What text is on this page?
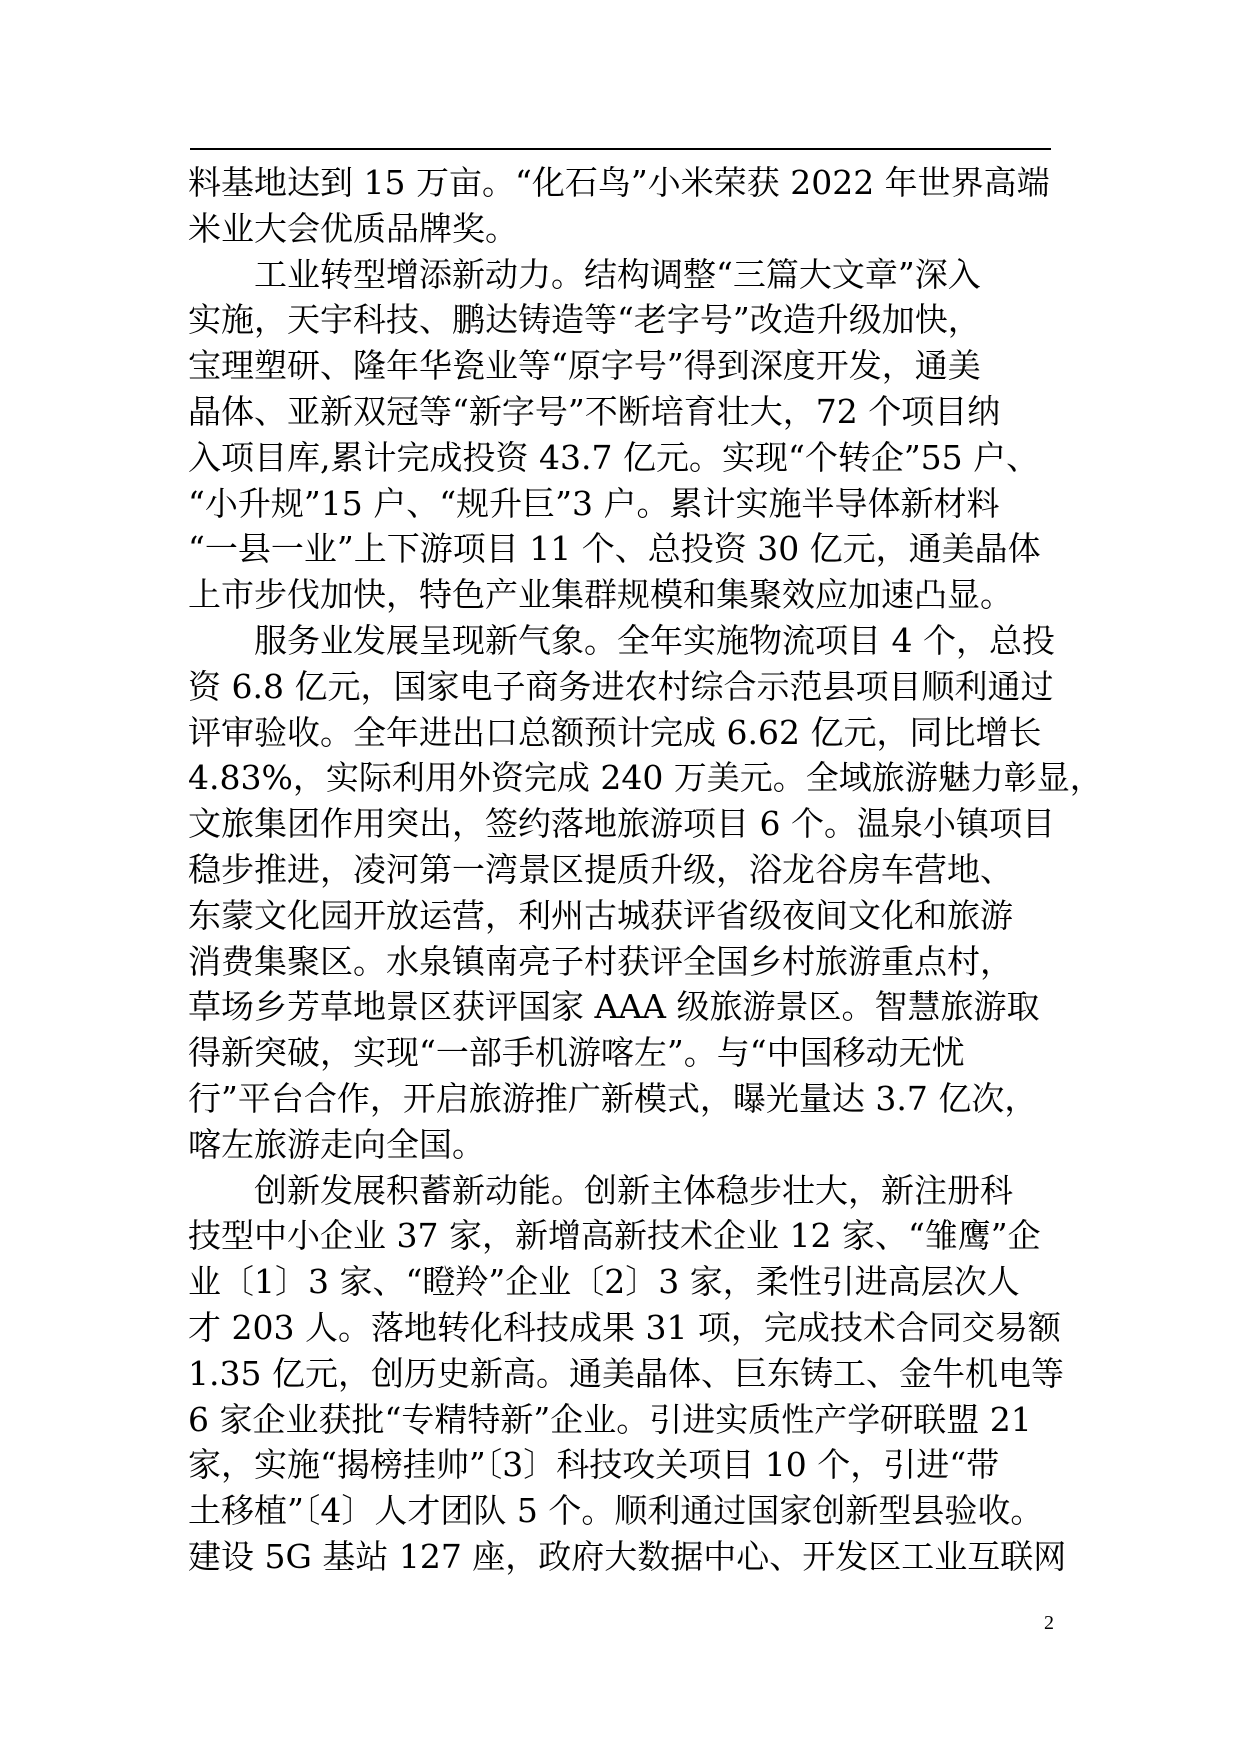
料基地达到 15 万亩。“化石鸟”小米荣获 2022 年世界高端
米业大会优质品牌奖。
　　工业转型增添新动力。结构调整“三篇大文章”深入
实施，天宇科技、鹏达铸造等“老字号”改造升级加快，
宝理塑研、隆年华瓷业等“原字号”得到深度开发，通美
晶体、亚新双冠等“新字号”不断培育壮大，72 个项目纳
入项目库,累计完成投资 43.7 亿元。实现“个转企”55 户、
“小升规”15 户、“规升巨”3 户。累计实施半导体新材料
“一县一业”上下游项目 11 个、总投资 30 亿元，通美晶体
上市步伐加快，特色产业集群规模和集聚效应加速凸显。
　　服务业发展呈现新气象。全年实施物流项目 4 个，总投
资 6.8 亿元，国家电子商务进农村综合示范县项目顺利通过
评审验收。全年进出口总额预计完成 6.62 亿元，同比增长
4.83%，实际利用外资完成 240 万美元。全域旅游魅力彰显，
文旅集团作用突出，签约落地旅游项目 6 个。温泉小镇项目
稳步推进，凌河第一湾景区提质升级，浴龙谷房车营地、
东蒙文化园开放运营，利州古城获评省级夜间文化和旅游
消费集聚区。水泉镇南亮子村获评全国乡村旅游重点村，
草场乡芳草地景区获评国家 AAA 级旅游景区。智慧旅游取
得新突破，实现“一部手机游喀左”。与“中国移动无忧
行”平台合作，开启旅游推广新模式，曝光量达 3.7 亿次，
喀左旅游走向全国。
　　创新发展积蓄新动能。创新主体稳步壮大，新注册科
技型中小企业 37 家，新增高新技术企业 12 家、“雏鹰”企
业〔1〕3 家、“瞪羚”企业〔2〕3 家，柔性引进高层次人
才 203 人。落地转化科技成果 31 项，完成技术合同交易额
1.35 亿元，创历史新高。通美晶体、巨东铸工、金牛机电等
6 家企业获批“专精特新”企业。引进实质性产学研联盟 21
家，实施“揭榜挂帅”〔3〕科技攻关项目 10 个，引进“带
土移植”〔4〕人才团队 5 个。顺利通过国家创新型县验收。
建设 5G 基站 127 座，政府大数据中心、开发区工业互联网
2
